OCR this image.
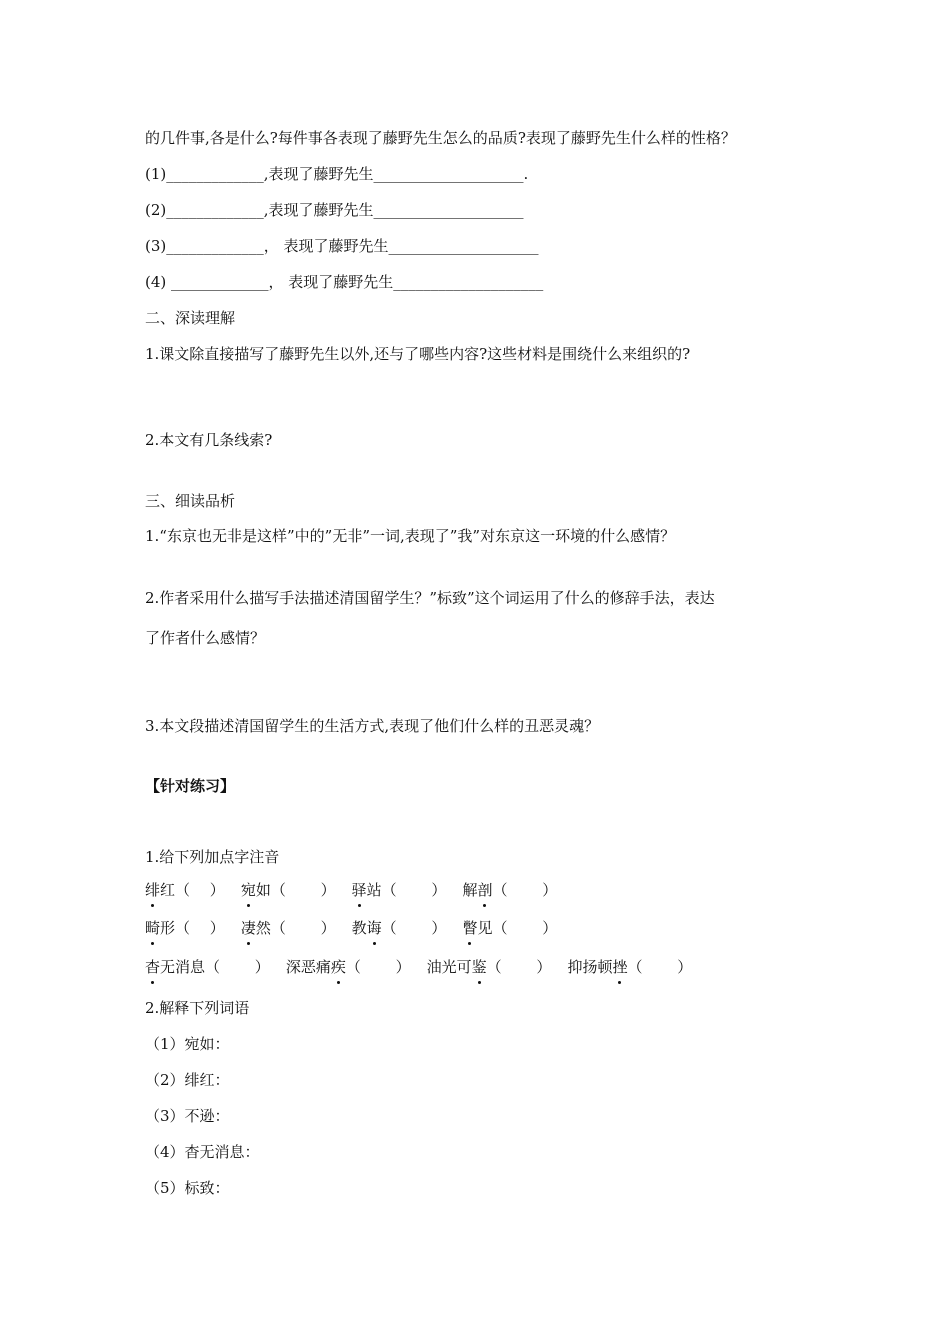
的几件事,各是什么?每件事各表现了藤野先生怎么的品质?表现了藤野先生什么样的性格？
(1)_____________,表现了藤野先生____________________.
(2)_____________,表现了藤野先生____________________
(3)_____________， 表现了藤野先生____________________
(4) _____________， 表现了藤野先生____________________
二、深读理解
1.课文除直接描写了藤野先生以外,还与了哪些内容?这些材料是围绕什么来组织的?
2.本文有几条线索?
三、细读品析
1.“东京也无非是这样”中的”无非”一词,表现了”我”对东京这一环境的什么感情？
2.作者采用什么描写手法描述清国留学生？”标致”这个词运用了什么的修辞手法，表达
了作者什么感情？
3.本文段描述清国留学生的生活方式,表现了他们什么样的丑恶灵魂？
【针对练习】
1.给下列加点字注音
绯红（　 ） 宛如（　　 ） 驿站（　　 ） 解剖（　　 ）
畸形（　 ） 凄然（　　 ） 教诲（　　 ） 瞥见（　　 ）
杳无消息（　　 ） 深恶痛疾（　　 ） 油光可鉴（　　 ） 抑扬顿挫（　　 ）
2.解释下列词语
（1）宛如：
（2）绯红：
（3）不逊：
（4）杳无消息：
（5）标致：
